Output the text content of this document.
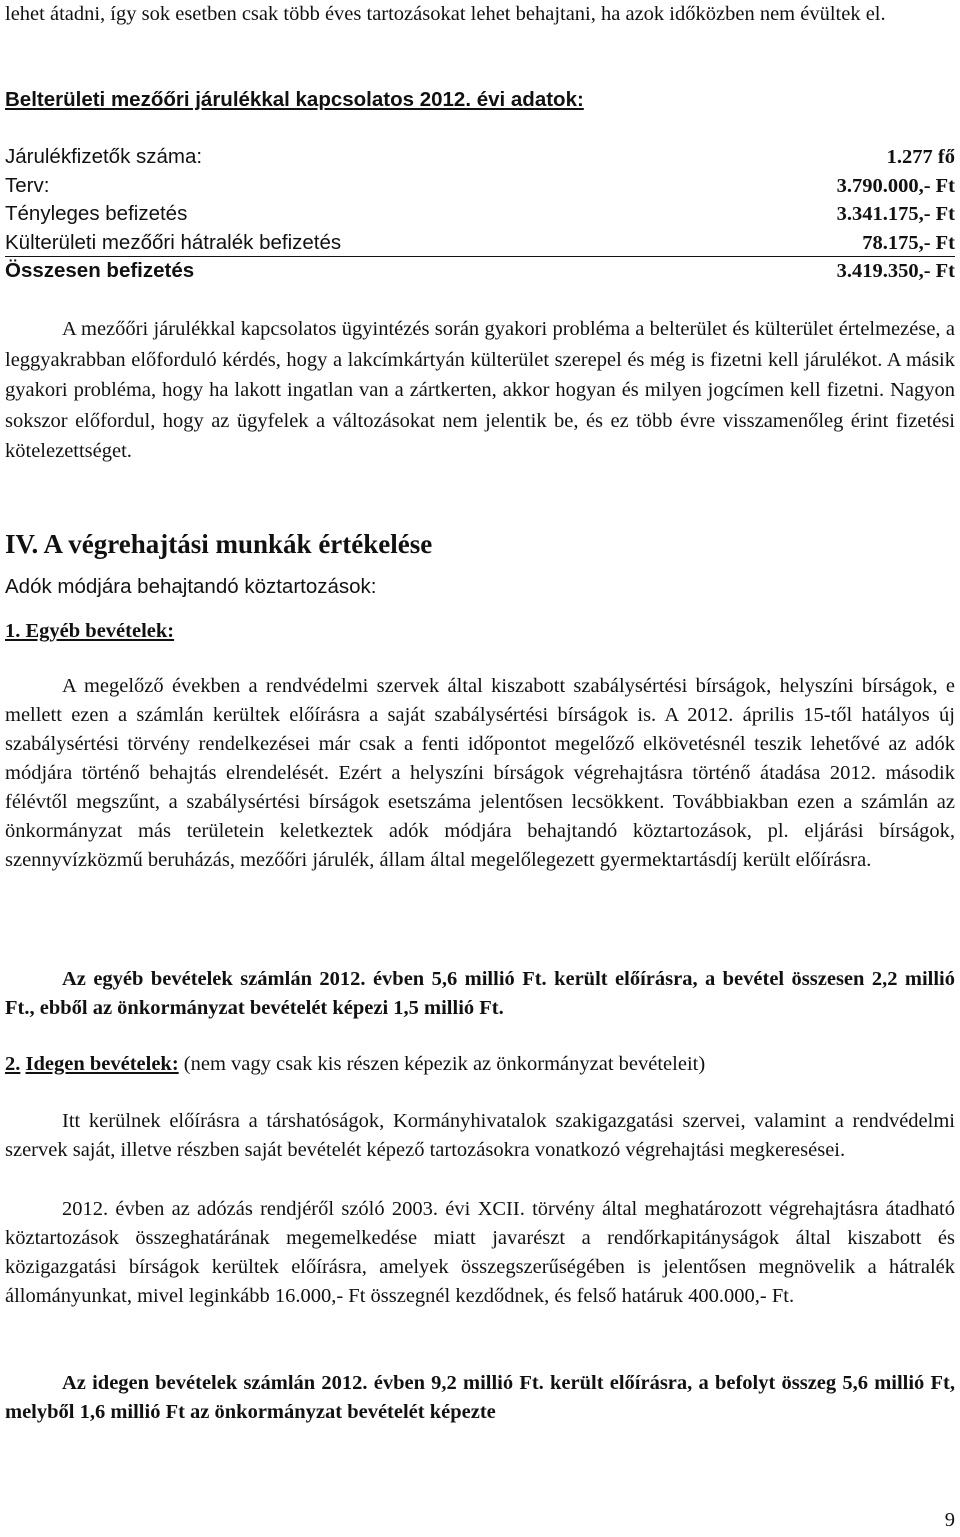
lehet átadni, így sok esetben csak több éves tartozásokat lehet behajtani, ha azok időközben nem évültek el.

Belterületi mezőőri járulékkal kapcsolatos 2012. évi adatok:
Járulékfizetők száma:	1.277 fő
Terv:	3.790.000,- Ft
Tényleges befizetés	3.341.175,- Ft
Külterületi mezőőri hátralék befizetés	78.175,- Ft
Összesen befizetés	3.419.350,- Ft

A mezőőri járulékkal kapcsolatos ügyintézés során gyakori probléma a belterület és külterület értelmezése, a leggyakrabban előforduló kérdés, hogy a lakcímkártyán külterület szerepel és még is fizetni kell járulékot. A másik gyakori probléma, hogy ha lakott ingatlan van a zártkerten, akkor hogyan és milyen jogcímen kell fizetni. Nagyon sokszor előfordul, hogy az ügyfelek a változásokat nem jelentik be, és ez több évre visszamenőleg érint fizetési kötelezettséget.

IV. A végrehajtási munkák értékelése
Adók módjára behajtandó köztartozások:
1. Egyéb bevételek:

A megelőző években a rendvédelmi szervek által kiszabott szabálysértési bírságok, helyszíni bírságok, e mellett ezen a számlán kerültek előírásra a saját szabálysértési bírságok is. A 2012. április 15-től hatályos új szabálysértési törvény rendelkezései már csak a fenti időpontot megelőző elkövetésnél teszik lehetővé az adók módjára történő behajtás elrendelését. Ezért a helyszíni bírságok végrehajtásra történő átadása 2012. második félévtől megszűnt, a szabálysértési bírságok esetszáma jelentősen lecsökkent. Továbbiakban ezen a számlán az önkormányzat más területein keletkeztek adók módjára behajtandó köztartozások, pl. eljárási bírságok, szennyvízközmű beruházás, mezőőri járulék, állam által megelőlegezett gyermektartásdíj került előírásra.

Az egyéb bevételek számlán 2012. évben 5,6 millió Ft. került előírásra, a bevétel összesen 2,2 millió Ft., ebből az önkormányzat bevételét képezi 1,5 millió Ft.

2. Idegen bevételek: (nem vagy csak kis részen képezik az önkormányzat bevételeit)

Itt kerülnek előírásra a társhatóságok, Kormányhivatalok szakigazgatási szervei, valamint a rendvédelmi szervek saját, illetve részben saját bevételét képező tartozásokra vonatkozó végrehajtási megkeresései.

2012. évben az adózás rendjéről szóló 2003. évi XCII. törvény által meghatározott végrehajtásra átadható köztartozások összeghatárának megemelkedése miatt javarészt a rendőrkapitányságok által kiszabott és közigazgatási bírságok kerültek előírásra, amelyek összegszerűségében is jelentősen megnövelik a hátralék állományunkat, mivel leginkább 16.000,- Ft összegnél kezdődnek, és felső határuk 400.000,- Ft.

Az idegen bevételek számlán 2012. évben 9,2 millió Ft. került előírásra, a befolyt összeg 5,6 millió Ft, melyből 1,6 millió Ft az önkormányzat bevételét képezte

9
